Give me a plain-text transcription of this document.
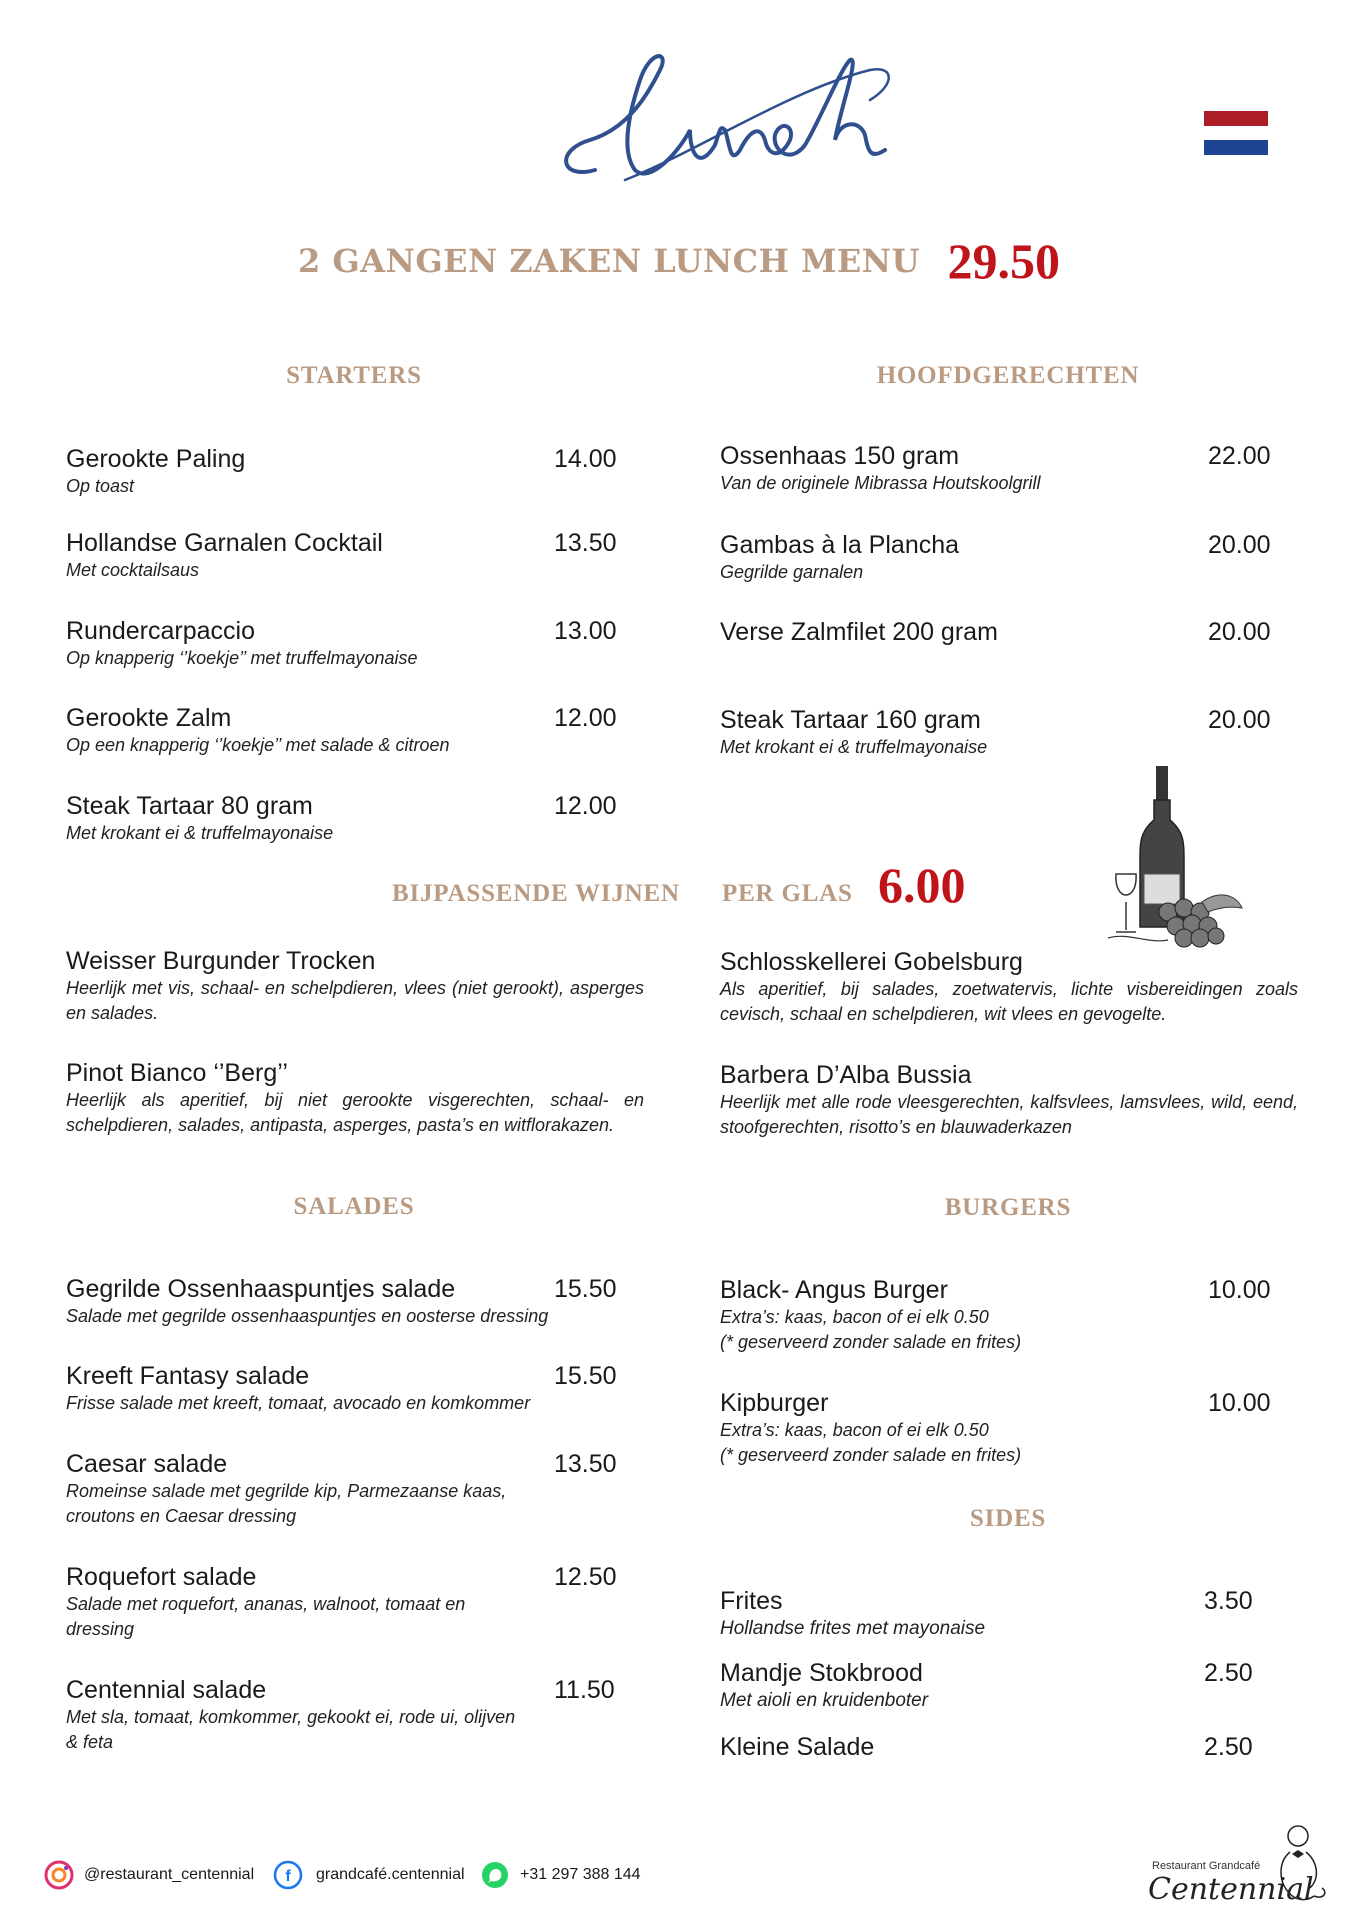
2 GANGEN ZAKEN LUNCH MENU 29.50
STARTERS	HOOFDGERECHTEN
Gerookte Paling	14.00
Op toast
Hollandse Garnalen Cocktail	13.50
Met cocktailsaus
Rundercarpaccio	13.00
Op knapperig ‘’koekje’’ met truffelmayonaise
Gerookte Zalm	12.00
Op een knapperig ‘’koekje’’ met salade & citroen
Steak Tartaar 80 gram	12.00
Met krokant ei & truffelmayonaise
Ossenhaas 150 gram	22.00
Van de originele Mibrassa Houtskoolgrill
Gambas à la Plancha	20.00
Gegrilde garnalen
Verse Zalmfilet 200 gram	20.00
Steak Tartaar 160 gram	20.00
Met krokant ei & truffelmayonaise
BIJPASSENDE WIJNEN PER GLAS 6.00
Weisser Burgunder Trocken
Heerlijk met vis, schaal- en schelpdieren, vlees (niet gerookt), asperges en salades.
Schlosskellerei Gobelsburg
Als aperitief, bij salades, zoetwatervis, lichte visbereidingen zoals cevisch, schaal en schelpdieren, wit vlees en gevogelte.
Pinot Bianco ‘’Berg’’
Heerlijk als aperitief, bij niet gerookte visgerechten, schaal- en schelpdieren, salades, antipasta, asperges, pasta’s en witflorakazen.
Barbera D’Alba Bussia
Heerlijk met alle rode vleesgerechten, kalfsvlees, lamsvlees, wild, eend, stoofgerechten, risotto’s en blauwaderkazen
SALADES	BURGERS
Gegrilde Ossenhaaspuntjes salade	15.50
Salade met gegrilde ossenhaaspuntjes en oosterse dressing
Kreeft Fantasy salade	15.50
Frisse salade met kreeft, tomaat, avocado en komkommer
Caesar salade	13.50
Romeinse salade met gegrilde kip, Parmezaanse kaas, croutons en Caesar dressing
Roquefort salade	12.50
Salade met roquefort, ananas, walnoot, tomaat en dressing
Centennial salade	11.50
Met sla, tomaat, komkommer, gekookt ei, rode ui, olijven & feta
Black- Angus Burger	10.00
Extra’s: kaas, bacon of ei elk 0.50
(* geserveerd zonder salade en frites)
Kipburger	10.00
Extra’s: kaas, bacon of ei elk 0.50
(* geserveerd zonder salade en frites)
SIDES
Frites	3.50
Hollandse frites met mayonaise
Mandje Stokbrood	2.50
Met aioli en kruidenboter
Kleine Salade	2.50
@restaurant_centennial f grandcafé.centennial	+31 297 388 144	Restaurant Grandcafé
Centennial
